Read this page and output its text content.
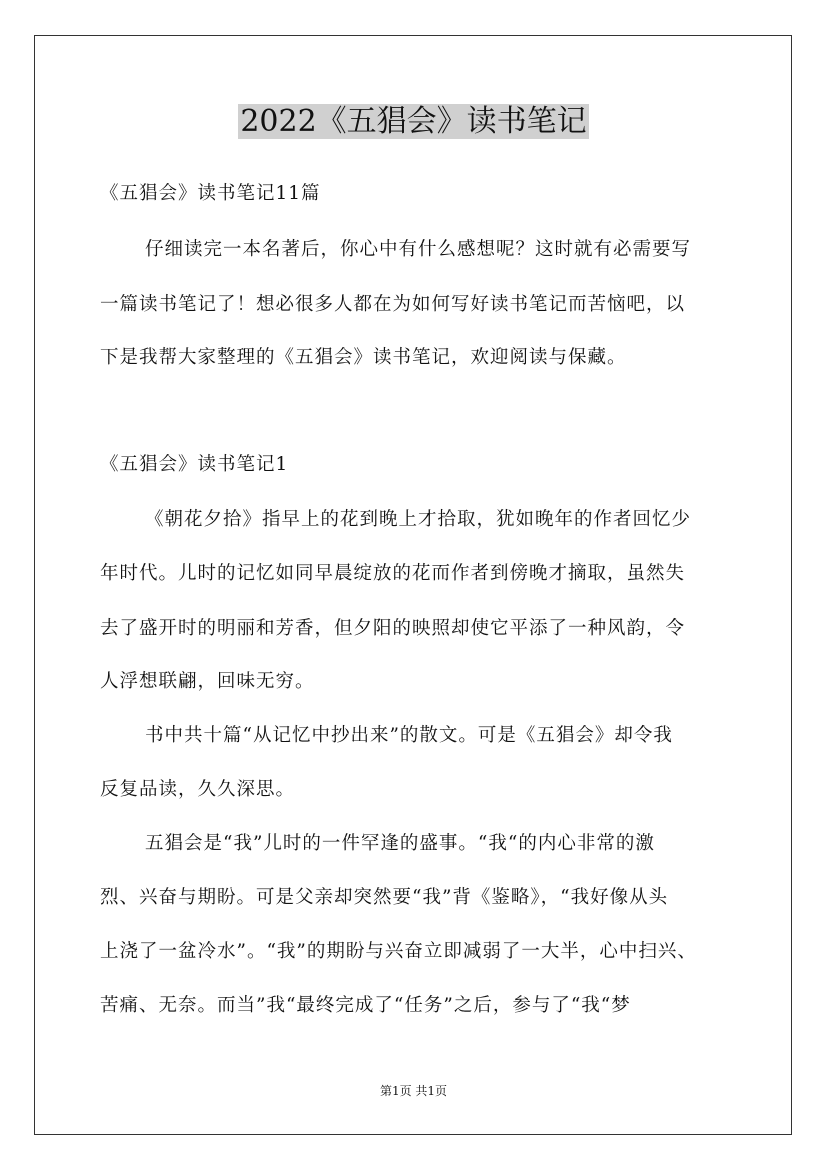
2022《五猖会》读书笔记
《五猖会》读书笔记11篇
仔细读完一本名著后，你心中有什么感想呢？这时就有必需要写
一篇读书笔记了！想必很多人都在为如何写好读书笔记而苦恼吧，以
下是我帮大家整理的《五猖会》读书笔记，欢迎阅读与保藏。
《五猖会》读书笔记1
《朝花夕拾》指早上的花到晚上才拾取，犹如晚年的作者回忆少
年时代。儿时的记忆如同早晨绽放的花而作者到傍晚才摘取，虽然失
去了盛开时的明丽和芳香，但夕阳的映照却使它平添了一种风韵，令
人浮想联翩，回味无穷。
书中共十篇“从记忆中抄出来”的散文。可是《五猖会》却令我
反复品读，久久深思。
五猖会是“我”儿时的一件罕逢的盛事。“我“的内心非常的激
烈、兴奋与期盼。可是父亲却突然要“我”背《鉴略》，“我好像从头
上浇了一盆冷水”。“我”的期盼与兴奋立即减弱了一大半，心中扫兴、
苦痛、无奈。而当”我“最终完成了“任务”之后，参与了“我“梦
第1页 共1页
